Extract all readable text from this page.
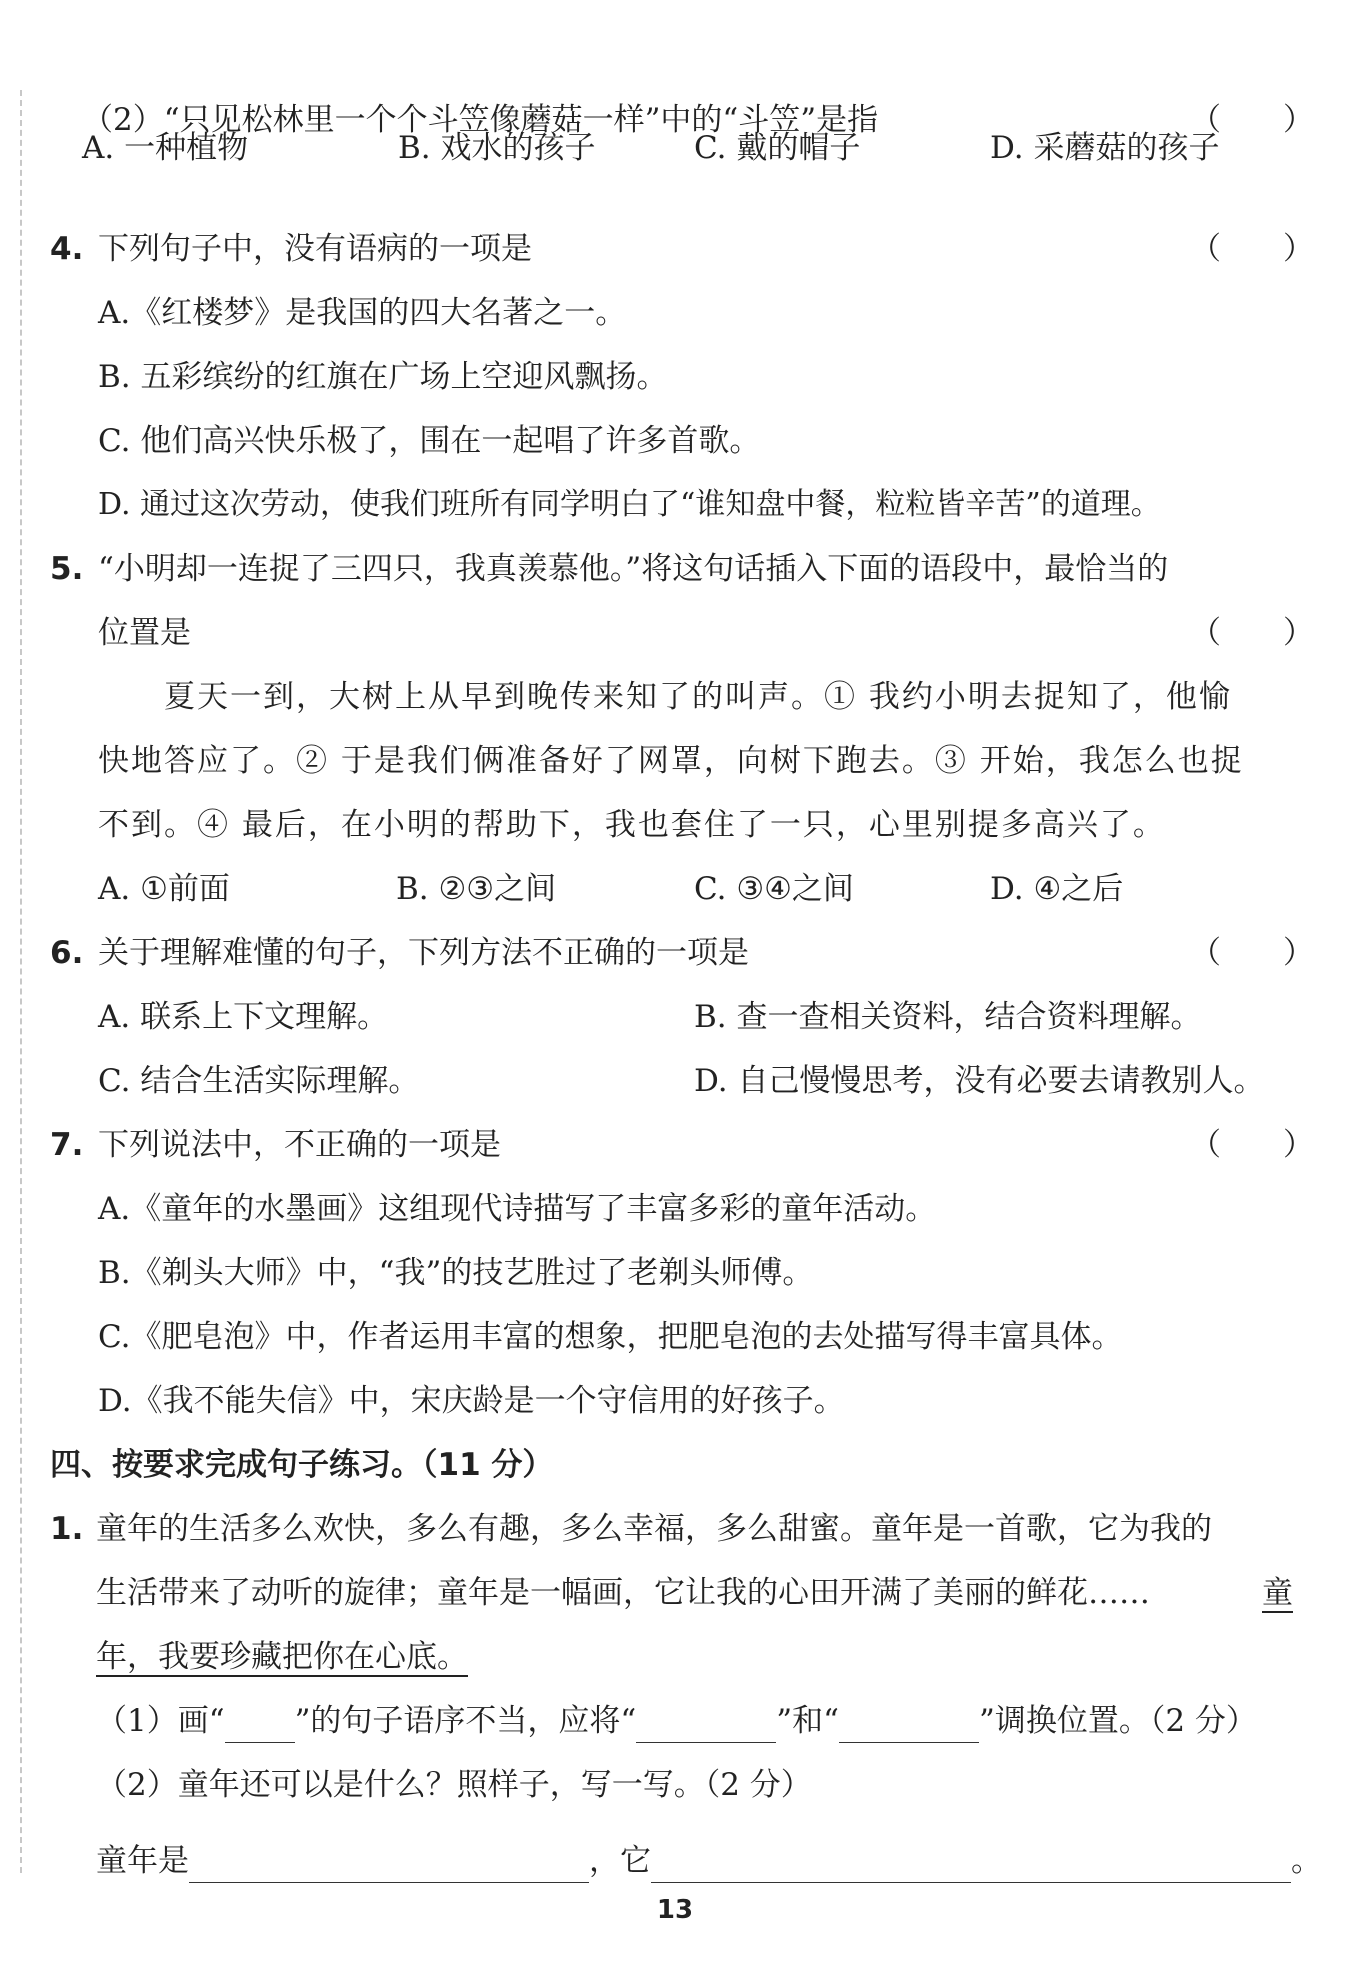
（2）“只见松林里一个个斗笠像蘑菇一样”中的“斗笠”是指	（　　）
A. 一种植物	B. 戏水的孩子	C. 戴的帽子	D. 采蘑菇的孩子
4. 下列句子中，没有语病的一项是	（　　）
A.《红楼梦》是我国的四大名著之一。
B. 五彩缤纷的红旗在广场上空迎风飘扬。
C. 他们高兴快乐极了，围在一起唱了许多首歌。
D. 通过这次劳动，使我们班所有同学明白了“谁知盘中餐，粒粒皆辛苦”的道理。
5. “小明却一连捉了三四只，我真羡慕他。”将这句话插入下面的语段中，最恰当的
位置是	（　　）
夏天一到，大树上从早到晚传来知了的叫声。① 我约小明去捉知了，他愉
快地答应了。② 于是我们俩准备好了网罩，向树下跑去。③ 开始，我怎么也捉
不到。④ 最后，在小明的帮助下，我也套住了一只，心里别提多高兴了。
A. ①前面	B. ②③之间	C. ③④之间	D. ④之后
6. 关于理解难懂的句子，下列方法不正确的一项是	（　　）
A. 联系上下文理解。	B. 查一查相关资料，结合资料理解。
C. 结合生活实际理解。	D. 自己慢慢思考，没有必要去请教别人。
7. 下列说法中，不正确的一项是	（　　）
A.《童年的水墨画》这组现代诗描写了丰富多彩的童年活动。
B.《剃头大师》中，“我”的技艺胜过了老剃头师傅。
C.《肥皂泡》中，作者运用丰富的想象，把肥皂泡的去处描写得丰富具体。
D.《我不能失信》中，宋庆龄是一个守信用的好孩子。
四、按要求完成句子练习。（11 分）
1. 童年的生活多么欢快，多么有趣，多么幸福，多么甜蜜。童年是一首歌，它为我的
生活带来了动听的旋律；童年是一幅画，它让我的心田开满了美丽的鲜花……	童
年，我要珍藏把你在心底。
（1）画“ ”的句子语序不当，应将“	”和“	”调换位置。（2 分）
（2）童年还可以是什么？照样子，写一写。（2 分）
童年是	，它	。
13
